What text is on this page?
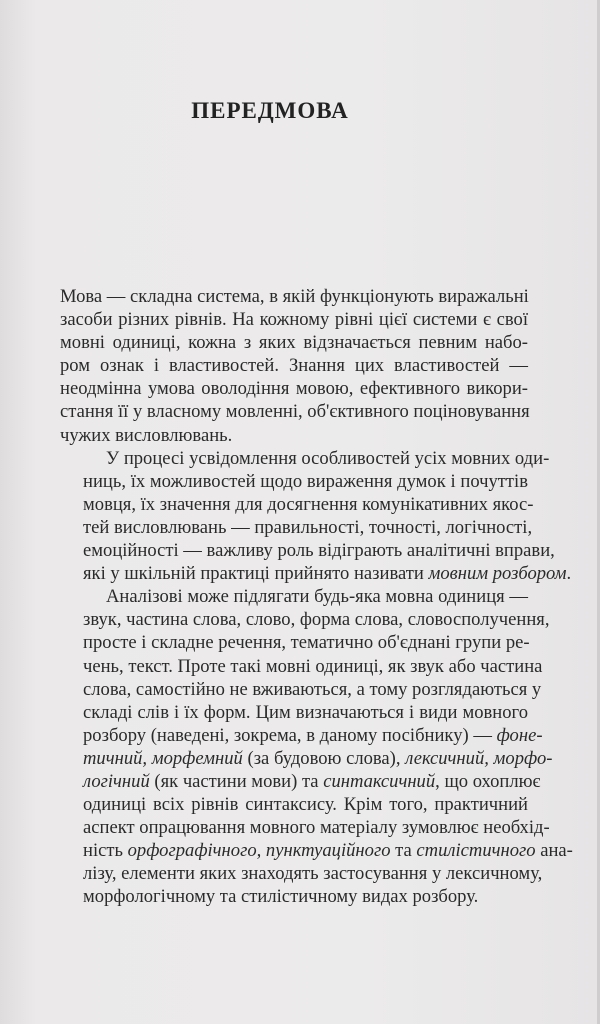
ПЕРЕДМОВА

Мова — складна система, в якій функціонують виражальні
засоби різних рівнів. На кожному рівні цієї системи є свої
мовні одиниці, кожна з яких відзначається певним набо-
ром ознак і властивостей. Знання цих властивостей —
неодмінна умова оволодіння мовою, ефективного викори-
стання її у власному мовленні, об'єктивного поціновування
чужих висловлювань.

У процесі усвідомлення особливостей усіх мовних оди-
ниць, їх можливостей щодо вираження думок і почуттів
мовця, їх значення для досягнення комунікативних якос-
тей висловлювань — правильності, точності, логічності,
емоційності — важливу роль відіграють аналітичні вправи,
які у шкільній практиці прийнято називати мовним розбором.

Аналізові може підлягати будь-яка мовна одиниця —
звук, частина слова, слово, форма слова, словосполучення,
просте і складне речення, тематично об'єднані групи ре-
чень, текст. Проте такі мовні одиниці, як звук або частина
слова, самостійно не вживаються, а тому розглядаються у
складі слів і їх форм. Цим визначаються і види мовного
розбору (наведені, зокрема, в даному посібнику) — фоне-
тичний, морфемний (за будовою слова), лексичний, морфо-
логічний (як частини мови) та синтаксичний, що охоплює
одиниці всіх рівнів синтаксису. Крім того, практичний
аспект опрацювання мовного матеріалу зумовлює необхід-
ність орфографічного, пунктуаційного та стилістичного ана-
лізу, елементи яких знаходять застосування у лексичному,
морфологічному та стилістичному видах розбору.
